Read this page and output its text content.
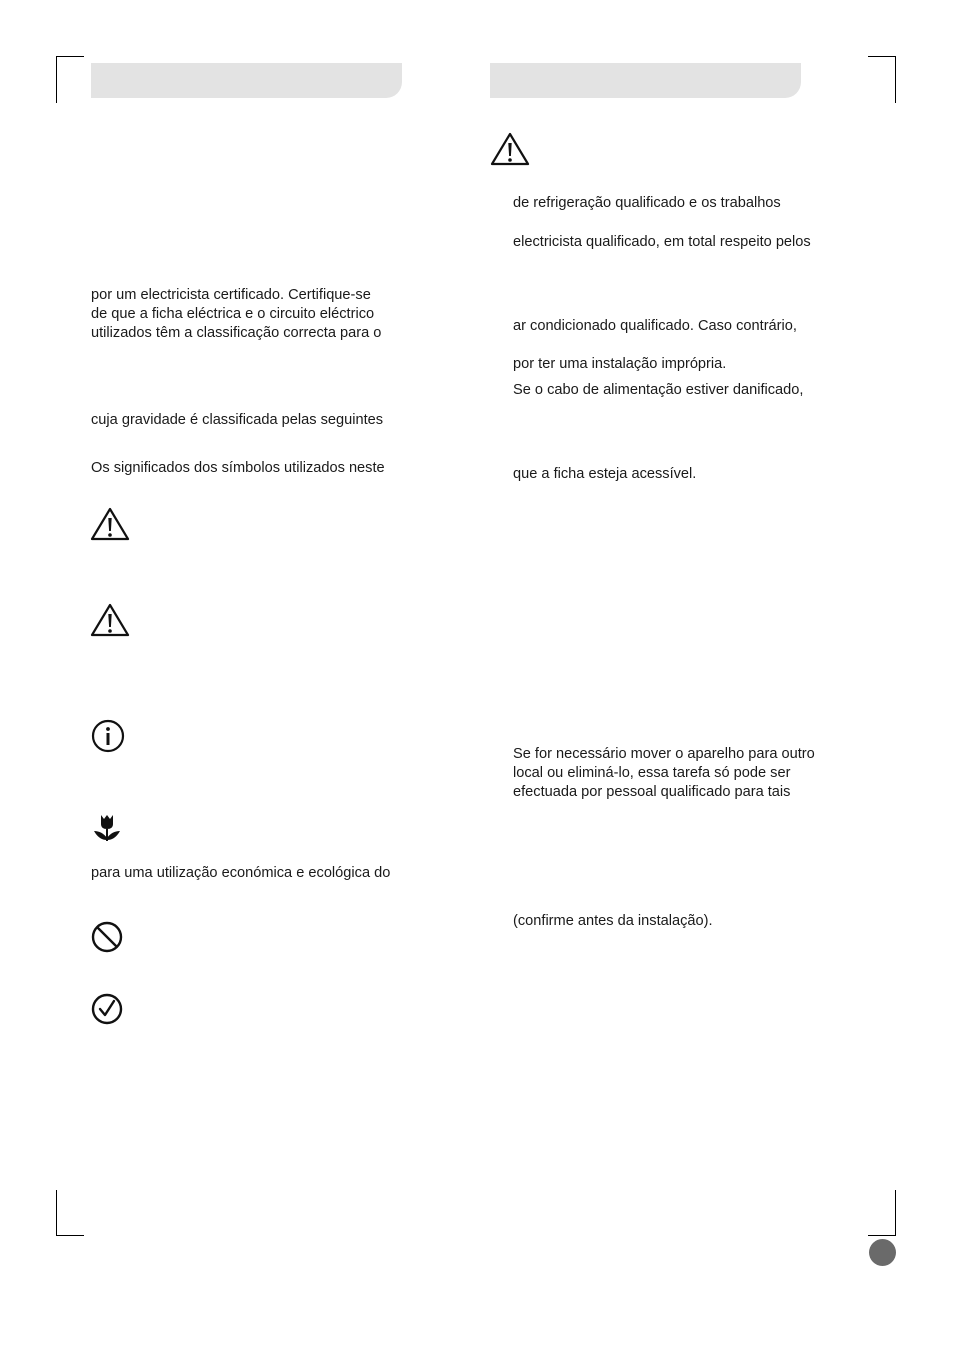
por um electricista certificado. Certifique-se
de que a ficha eléctrica e o circuito eléctrico
utilizados têm a classificação correcta para o
cuja gravidade é classificada pelas seguintes
Os significados dos símbolos utilizados neste
para uma utilização económica e ecológica do
de refrigeração qualificado e os trabalhos
electricista qualificado, em total respeito pelos
ar condicionado qualificado. Caso contrário,
por ter uma instalação imprópria.
Se o cabo de alimentação estiver danificado,
que a ficha esteja acessível.
Se for necessário mover o aparelho para outro
local ou eliminá-lo, essa tarefa só pode ser
efectuada por pessoal qualificado para tais
(confirme antes da instalação).
